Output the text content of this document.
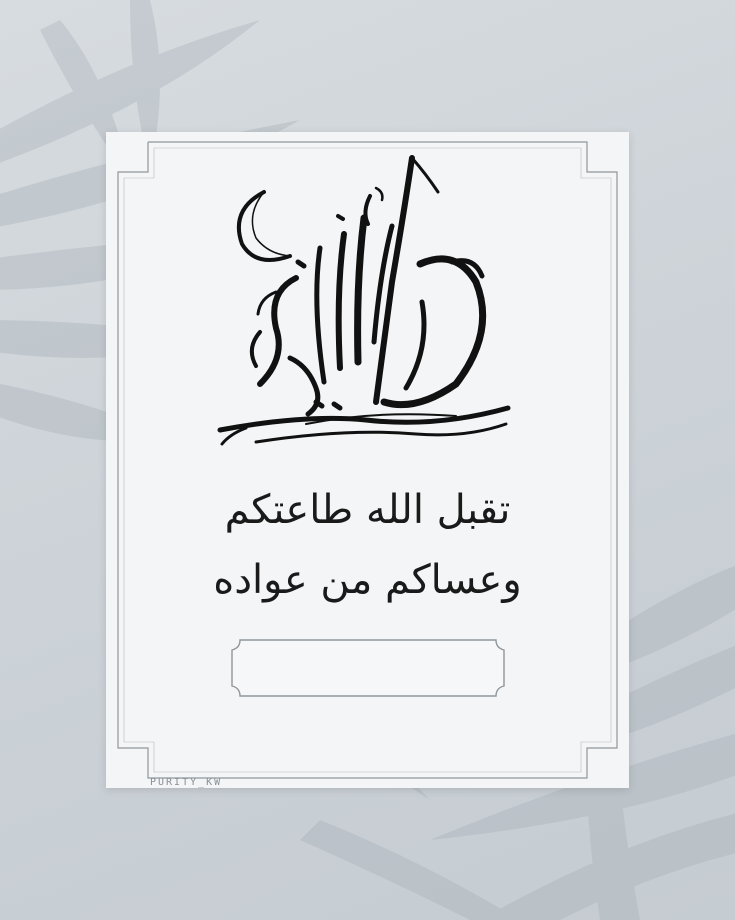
تقبل الله طاعتكم
وعساكم من عواده
PURITY_KW
